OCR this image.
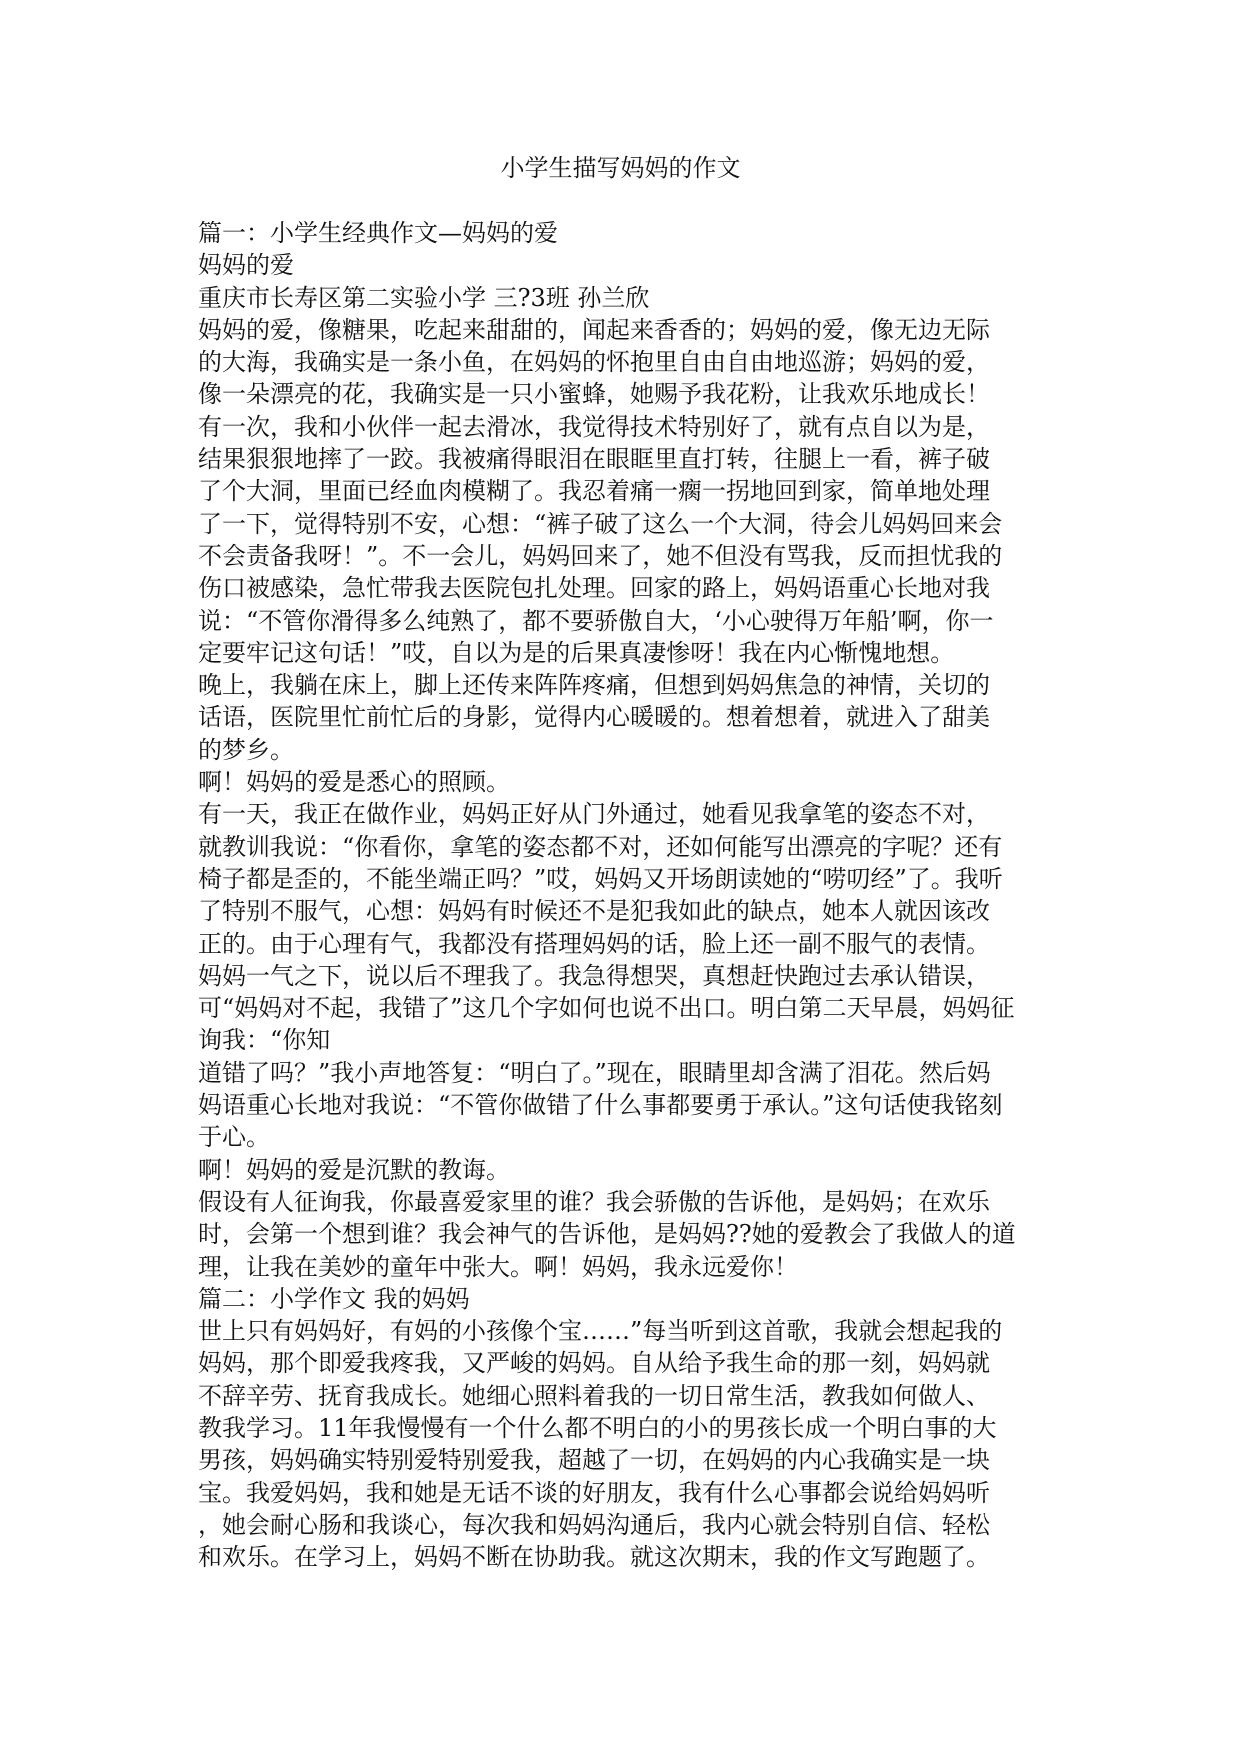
小学生描写妈妈的作文
篇一：小学生经典作文—妈妈的爱
妈妈的爱
重庆市长寿区第二实验小学 三?3班 孙兰欣
妈妈的爱，像糖果，吃起来甜甜的，闻起来香香的；妈妈的爱，像无边无际
的大海，我确实是一条小鱼，在妈妈的怀抱里自由自由地巡游；妈妈的爱，
像一朵漂亮的花，我确实是一只小蜜蜂，她赐予我花粉，让我欢乐地成长！
有一次，我和小伙伴一起去滑冰，我觉得技术特别好了，就有点自以为是，
结果狠狠地摔了一跤。我被痛得眼泪在眼眶里直打转，往腿上一看，裤子破
了个大洞，里面已经血肉模糊了。我忍着痛一瘸一拐地回到家，简单地处理
了一下，觉得特别不安，心想：“裤子破了这么一个大洞，待会儿妈妈回来会
不会责备我呀！”。不一会儿，妈妈回来了，她不但没有骂我，反而担忧我的
伤口被感染，急忙带我去医院包扎处理。回家的路上，妈妈语重心长地对我
说：“不管你滑得多么纯熟了，都不要骄傲自大，‘小心驶得万年船’啊，你一
定要牢记这句话！”哎，自以为是的后果真凄惨呀！我在内心惭愧地想。
晚上，我躺在床上，脚上还传来阵阵疼痛，但想到妈妈焦急的神情，关切的
话语，医院里忙前忙后的身影，觉得内心暖暖的。想着想着，就进入了甜美
的梦乡。
啊！妈妈的爱是悉心的照顾。
有一天，我正在做作业，妈妈正好从门外通过，她看见我拿笔的姿态不对，
就教训我说：“你看你，拿笔的姿态都不对，还如何能写出漂亮的字呢？还有
椅子都是歪的，不能坐端正吗？”哎，妈妈又开场朗读她的“唠叨经”了。我听
了特别不服气，心想：妈妈有时候还不是犯我如此的缺点，她本人就因该改
正的。由于心理有气，我都没有搭理妈妈的话，脸上还一副不服气的表情。
妈妈一气之下，说以后不理我了。我急得想哭，真想赶快跑过去承认错误，
可“妈妈对不起，我错了”这几个字如何也说不出口。明白第二天早晨，妈妈征
询我：“你知
道错了吗？”我小声地答复：“明白了。”现在，眼睛里却含满了泪花。然后妈
妈语重心长地对我说：“不管你做错了什么事都要勇于承认。”这句话使我铭刻
于心。
啊！妈妈的爱是沉默的教诲。
假设有人征询我，你最喜爱家里的谁？我会骄傲的告诉他，是妈妈；在欢乐
时，会第一个想到谁？我会神气的告诉他，是妈妈??她的爱教会了我做人的道
理，让我在美妙的童年中张大。啊！妈妈，我永远爱你！
篇二：小学作文 我的妈妈
世上只有妈妈好，有妈的小孩像个宝……”每当听到这首歌，我就会想起我的
妈妈，那个即爱我疼我，又严峻的妈妈。自从给予我生命的那一刻，妈妈就
不辞辛劳、抚育我成长。她细心照料着我的一切日常生活，教我如何做人、
教我学习。11年我慢慢有一个什么都不明白的小的男孩长成一个明白事的大
男孩，妈妈确实特别爱特别爱我，超越了一切，在妈妈的内心我确实是一块
宝。我爱妈妈，我和她是无话不谈的好朋友，我有什么心事都会说给妈妈听
，她会耐心肠和我谈心，每次我和妈妈沟通后，我内心就会特别自信、轻松
和欢乐。在学习上，妈妈不断在协助我。就这次期末，我的作文写跑题了。
